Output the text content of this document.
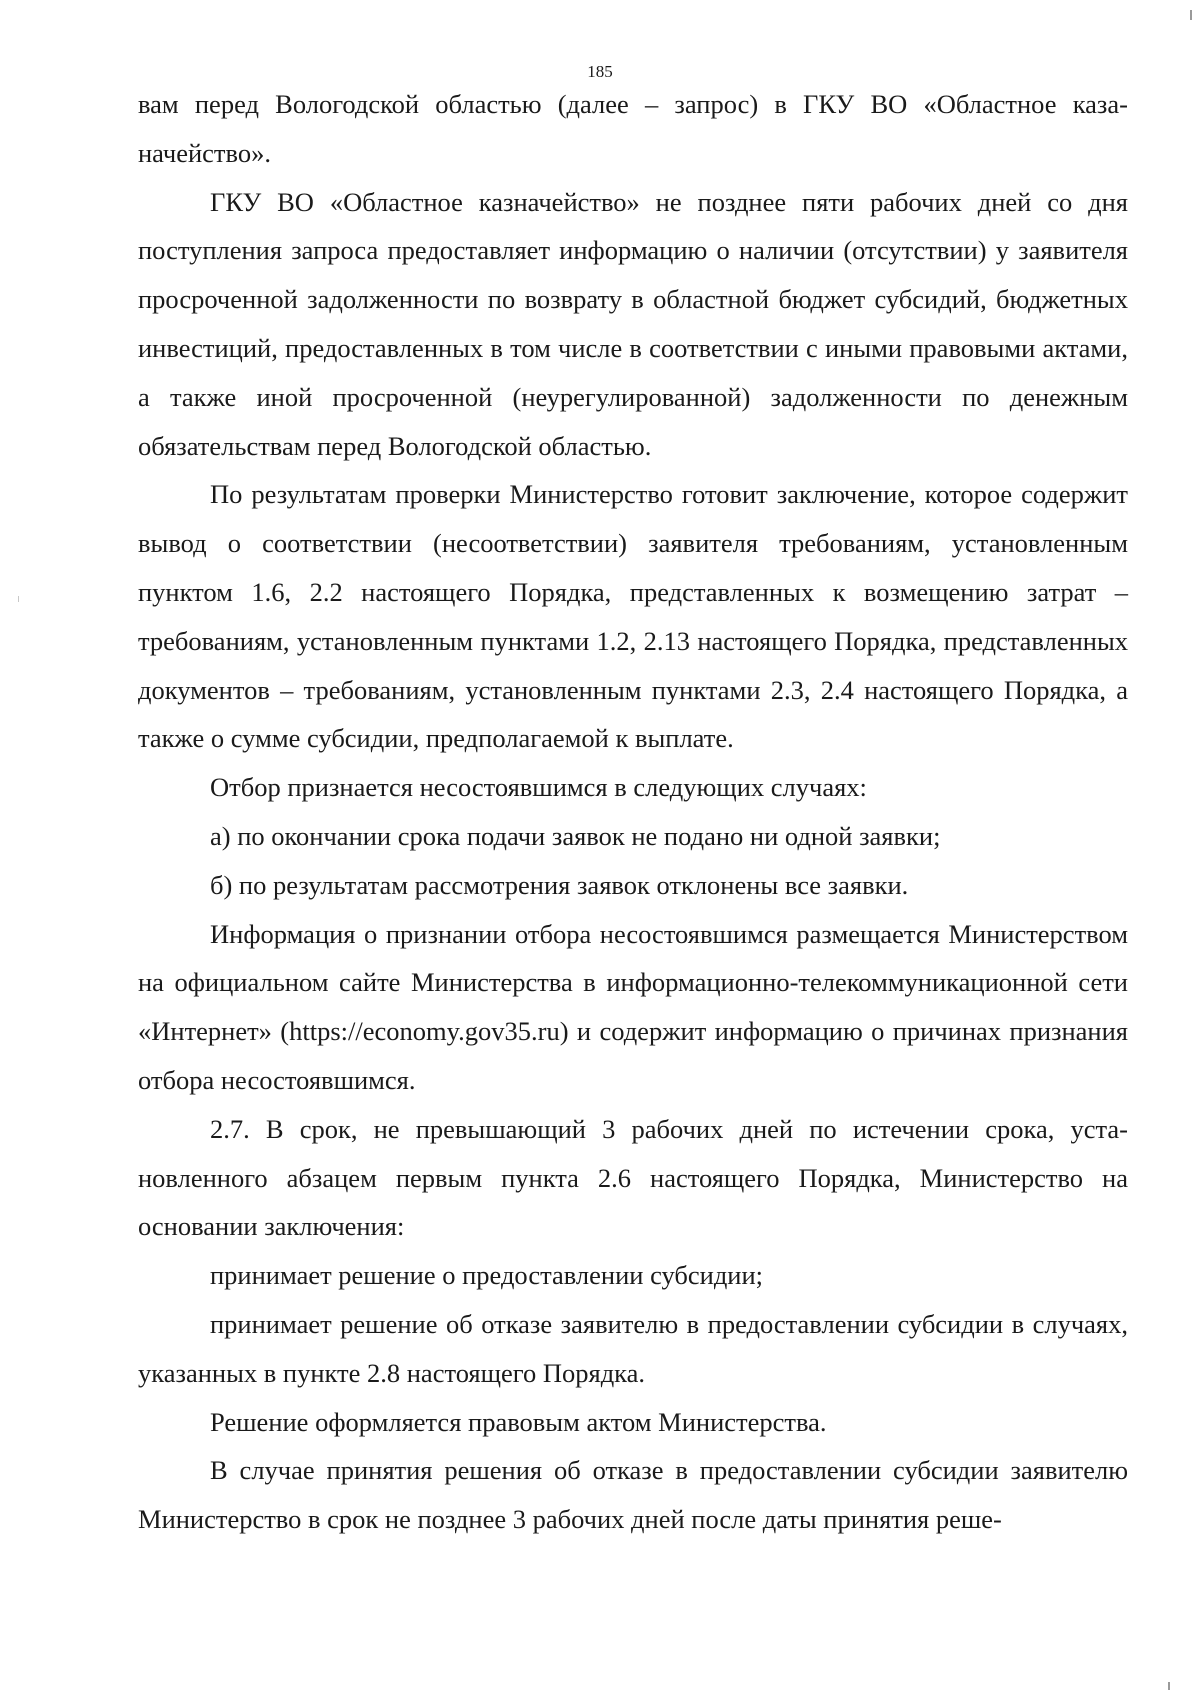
185

вам перед Вологодской областью (далее – запрос) в ГКУ ВО «Областное казаначейство».

ГКУ ВО «Областное казначейство» не позднее пяти рабочих дней со дня поступления запроса предоставляет информацию о наличии (отсутствии) у заявителя просроченной задолженности по возврату в областной бюджет субсидий, бюджетных инвестиций, предоставленных в том числе в соответствии с иными правовыми актами, а также иной просроченной (неурегулированной) задолженности по денежным обязательствам перед Вологодской областью.

По результатам проверки Министерство готовит заключение, которое содержит вывод о соответствии (несоответствии) заявителя требованиям, установленным пунктом 1.6, 2.2 настоящего Порядка, представленных к возмещению затрат – требованиям, установленным пунктами 1.2, 2.13 настоящего Порядка, представленных документов – требованиям, установленным пунктами 2.3, 2.4 настоящего Порядка, а также о сумме субсидии, предполагаемой к выплате.

Отбор признается несостоявшимся в следующих случаях:

а) по окончании срока подачи заявок не подано ни одной заявки;

б) по результатам рассмотрения заявок отклонены все заявки.

Информация о признании отбора несостоявшимся размещается Министерством на официальном сайте Министерства в информационно-телекоммуникационной сети «Интернет» (https://economy.gov35.ru) и содержит информацию о причинах признания отбора несостоявшимся.

2.7. В срок, не превышающий 3 рабочих дней по истечении срока, установленного абзацем первым пункта 2.6 настоящего Порядка, Министерство на основании заключения:

принимает решение о предоставлении субсидии;

принимает решение об отказе заявителю в предоставлении субсидии в случаях, указанных в пункте 2.8 настоящего Порядка.

Решение оформляется правовым актом Министерства.

В случае принятия решения об отказе в предоставлении субсидии заявителю Министерство в срок не позднее 3 рабочих дней после даты принятия реше-
